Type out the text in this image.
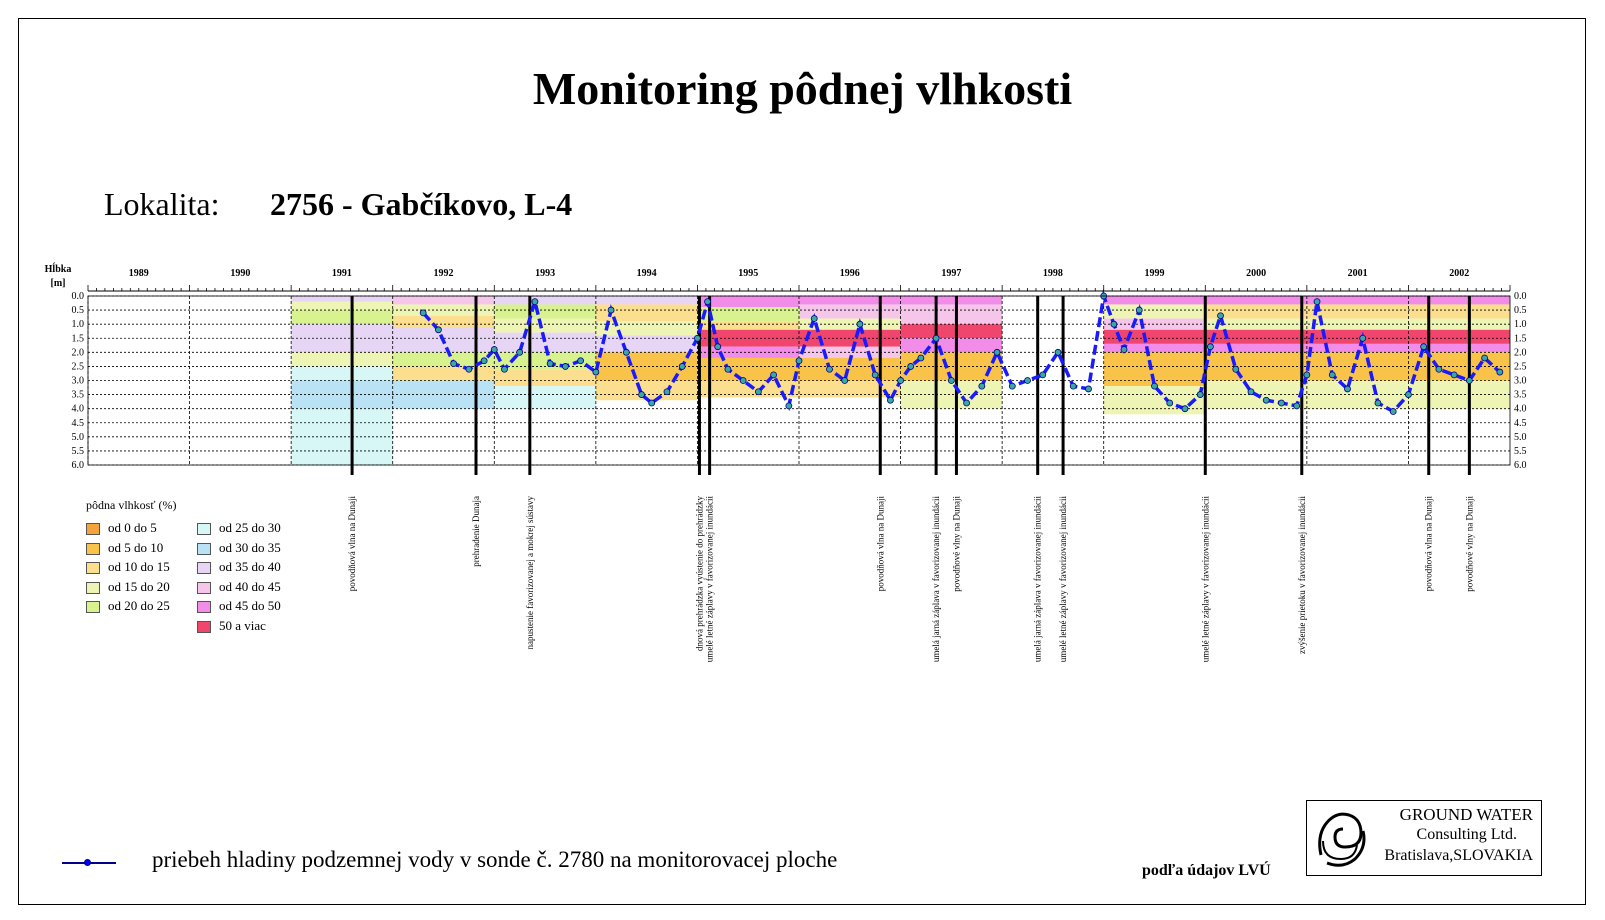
Monitoring pôdnej vlhkosti
Lokalita: 2756 - Gabčíkovo, L-4
povodňová vlna na Dunaji	prehradenie Dunaja	napustenie favorizovanej a mokrej sústavy	dnová prehrádzka vyústenie do prehrádzky umelé letné záplavy v favorizovanej inundácii	povodňová vlna na Dunaji	umelá jarná záplava v favorizovanej inundácii povodňové vlny na Dunaji	umelá jarná záplava v favorizovanej inundácii umelé letné záplavy v favorizovanej inundácii	umelé letné záplavy v favorizovanej inundácii	zvýšenie prietoku v favorizovanej inundácii	povodňová vlna na Dunaji	povodňové vlny na Dunaji
0.0	0.0
0.5	0.5
1.0	1.0
1.5	1.5
2.0	2.0
2.5	2.5
3.0	3.0
3.5	3.5
4.0	4.0
4.5	4.5
5.0	5.0
5.5	5.5
6.0	6.0
1989	1990	1991	1992	1993	1994	1995	1996	1997	1998	1999	2000	2001	2002
Hĺbka
[m]
pôdna vlhkosť (%)
od 0 do 5
od 5 do 10
od 10 do 15
od 15 do 20
od 20 do 25
od 25 do 30
od 30 do 35
od 35 do 40
od 40 do 45
od 45 do 50
50 a viac
priebeh hladiny podzemnej vody v sonde č. 2780 na monitorovacej ploche	podľa údajov LVÚ
GROUND WATER
Consulting Ltd.
Bratislava,SLOVAKIA
